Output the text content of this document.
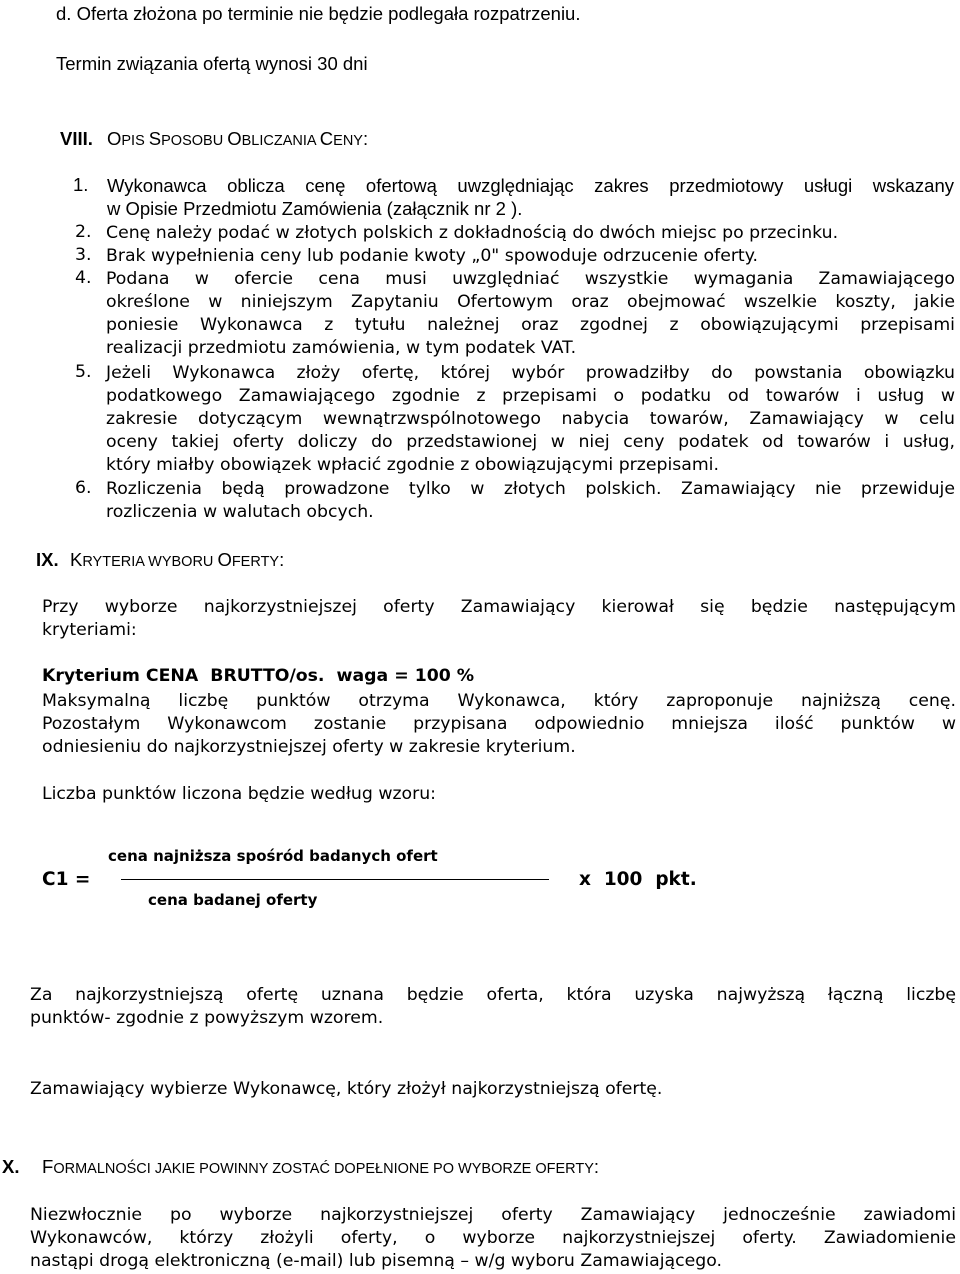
d. Oferta złożona po terminie nie będzie podlegała rozpatrzeniu.
Termin związania ofertą wynosi 30 dni
VIII. OPIS SPOSOBU OBLICZANIA CENY:
1. Wykonawca oblicza cenę ofertową uwzględniając zakres przedmiotowy usługi wskazany
w Opisie Przedmiotu Zamówienia (załącznik nr 2 ).
2. Cenę należy podać w złotych polskich z dokładnością do dwóch miejsc po przecinku.
3. Brak wypełnienia ceny lub podanie kwoty „0" spowoduje odrzucenie oferty.
4. Podana w ofercie cena musi uwzględniać wszystkie wymagania Zamawiającego
określone w niniejszym Zapytaniu Ofertowym oraz obejmować wszelkie koszty, jakie
poniesie Wykonawca z tytułu należnej oraz zgodnej z obowiązującymi przepisami
realizacji przedmiotu zamówienia, w tym podatek VAT.
5. Jeżeli Wykonawca złoży ofertę, której wybór prowadziłby do powstania obowiązku
podatkowego Zamawiającego zgodnie z przepisami o podatku od towarów i usług w
zakresie dotyczącym wewnątrzwspólnotowego nabycia towarów, Zamawiający w celu
oceny takiej oferty doliczy do przedstawionej w niej ceny podatek od towarów i usług,
który miałby obowiązek wpłacić zgodnie z obowiązującymi przepisami.
6. Rozliczenia będą prowadzone tylko w złotych polskich. Zamawiający nie przewiduje
rozliczenia w walutach obcych.
IX. KRYTERIA WYBORU OFERTY:
Przy wyborze najkorzystniejszej oferty Zamawiający kierował się będzie następującym
kryteriami:
Kryterium CENA  BRUTTO/os.  waga = 100 %
Maksymalną liczbę punktów otrzyma Wykonawca, który zaproponuje najniższą cenę.
Pozostałym Wykonawcom zostanie przypisana odpowiednio mniejsza ilość punktów w
odniesieniu do najkorzystniejszej oferty w zakresie kryterium.
Liczba punktów liczona będzie według wzoru:
C1 =
cena najniższa spośród badanych ofert
cena badanej oferty
x  100  pkt.
Za najkorzystniejszą ofertę uznana będzie oferta, która uzyska najwyższą łączną liczbę
punktów- zgodnie z powyższym wzorem.
Zamawiający wybierze Wykonawcę, który złożył najkorzystniejszą ofertę.
X. FORMALNOŚCI JAKIE POWINNY ZOSTAĆ DOPEŁNIONE PO WYBORZE OFERTY:
Niezwłocznie po wyborze najkorzystniejszej oferty Zamawiający jednocześnie zawiadomi
Wykonawców, którzy złożyli oferty, o wyborze najkorzystniejszej oferty. Zawiadomienie
nastąpi drogą elektroniczną (e-mail) lub pisemną – w/g wyboru Zamawiającego.
